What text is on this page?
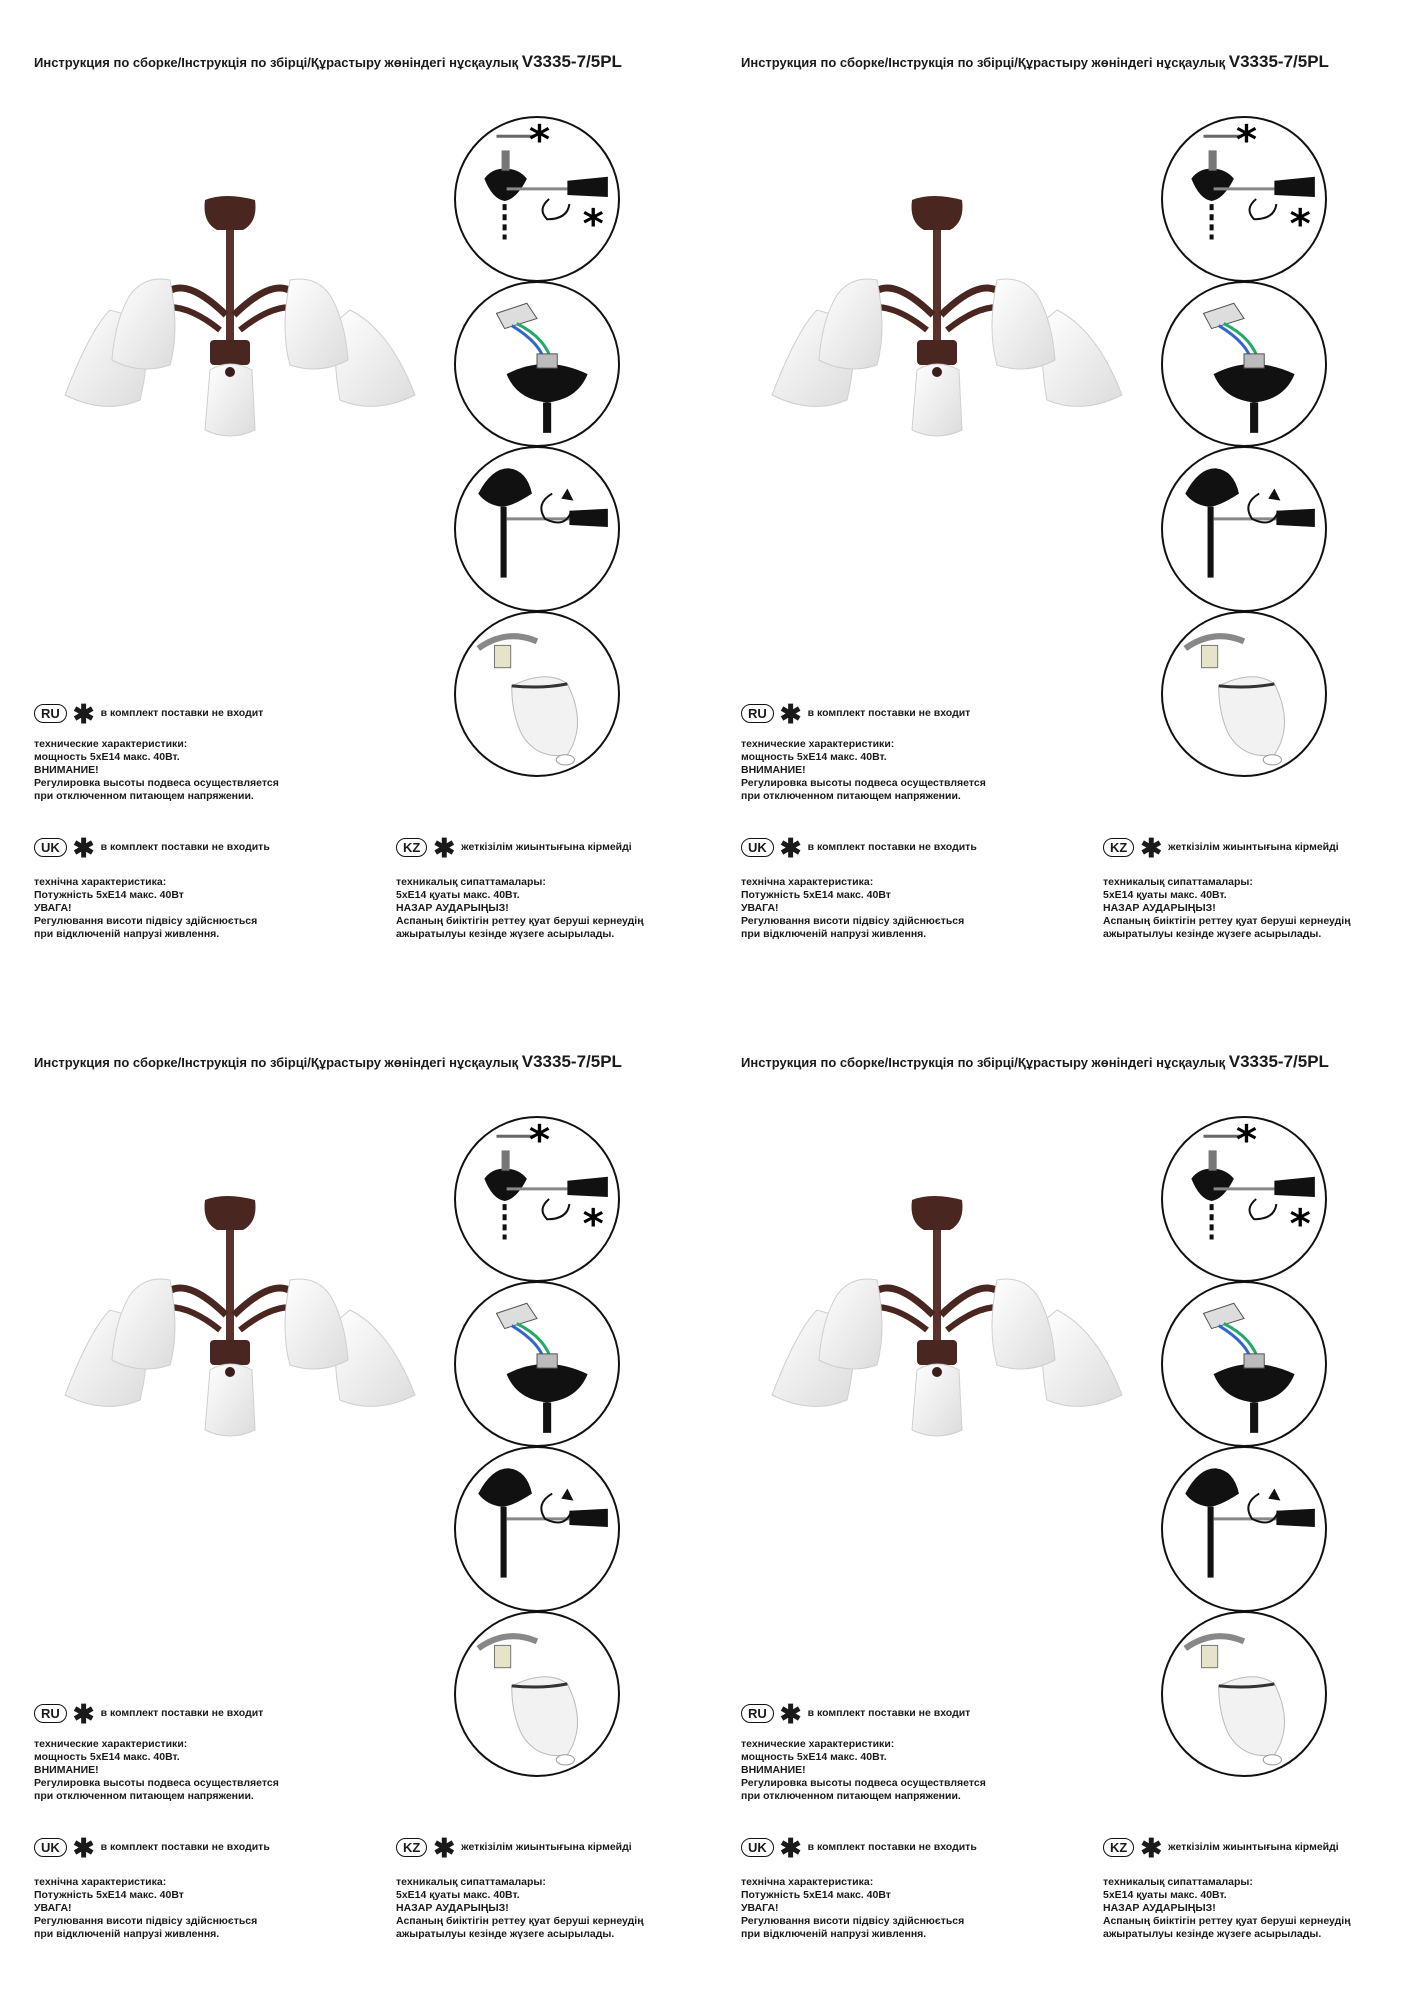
Инструкция по сборке/Інструкція по збірці/Құрастыру жөніндегі нұсқаулық V3335-7/5PL
*
*
RU ✱ в комплект поставки не входит
технические характеристики:
мощность 5хЕ14 макс. 40Вт.
ВНИМАНИЕ!
Регулировка высоты подвеса осуществляется
при отключенном питающем напряжении.
UK ✱ в комплект поставки не входить
технічна характеристика:
Потужність 5хЕ14 макс. 40Вт
УВАГА!
Регулювання висоти підвісу здійснюється
при відключеній напрузі живлення.
KZ ✱ жеткізілім жиынтығына кірмейді
техникалық сипаттамалары:
5хЕ14 қуаты макс. 40Вт.
НАЗАР АУДАРЫҢЫЗ!
Аспаның биіктігін реттеу қуат беруші кернеудің
ажыратылуы кезінде жүзеге асырылады.
Инструкция по сборке/Інструкція по збірці/Құрастыру жөніндегі нұсқаулық V3335-7/5PL
*
*
RU ✱ в комплект поставки не входит
технические характеристики:
мощность 5хЕ14 макс. 40Вт.
ВНИМАНИЕ!
Регулировка высоты подвеса осуществляется
при отключенном питающем напряжении.
UK ✱ в комплект поставки не входить
технічна характеристика:
Потужність 5хЕ14 макс. 40Вт
УВАГА!
Регулювання висоти підвісу здійснюється
при відключеній напрузі живлення.
KZ ✱ жеткізілім жиынтығына кірмейді
техникалық сипаттамалары:
5хЕ14 қуаты макс. 40Вт.
НАЗАР АУДАРЫҢЫЗ!
Аспаның биіктігін реттеу қуат беруші кернеудің
ажыратылуы кезінде жүзеге асырылады.
Инструкция по сборке/Інструкція по збірці/Құрастыру жөніндегі нұсқаулық V3335-7/5PL
*
*
RU ✱ в комплект поставки не входит
технические характеристики:
мощность 5хЕ14 макс. 40Вт.
ВНИМАНИЕ!
Регулировка высоты подвеса осуществляется
при отключенном питающем напряжении.
UK ✱ в комплект поставки не входить
технічна характеристика:
Потужність 5хЕ14 макс. 40Вт
УВАГА!
Регулювання висоти підвісу здійснюється
при відключеній напрузі живлення.
KZ ✱ жеткізілім жиынтығына кірмейді
техникалық сипаттамалары:
5хЕ14 қуаты макс. 40Вт.
НАЗАР АУДАРЫҢЫЗ!
Аспаның биіктігін реттеу қуат беруші кернеудің
ажыратылуы кезінде жүзеге асырылады.
Инструкция по сборке/Інструкція по збірці/Құрастыру жөніндегі нұсқаулық V3335-7/5PL
*
*
RU ✱ в комплект поставки не входит
технические характеристики:
мощность 5хЕ14 макс. 40Вт.
ВНИМАНИЕ!
Регулировка высоты подвеса осуществляется
при отключенном питающем напряжении.
UK ✱ в комплект поставки не входить
технічна характеристика:
Потужність 5хЕ14 макс. 40Вт
УВАГА!
Регулювання висоти підвісу здійснюється
при відключеній напрузі живлення.
KZ ✱ жеткізілім жиынтығына кірмейді
техникалық сипаттамалары:
5хЕ14 қуаты макс. 40Вт.
НАЗАР АУДАРЫҢЫЗ!
Аспаның биіктігін реттеу қуат беруші кернеудің
ажыратылуы кезінде жүзеге асырылады.
